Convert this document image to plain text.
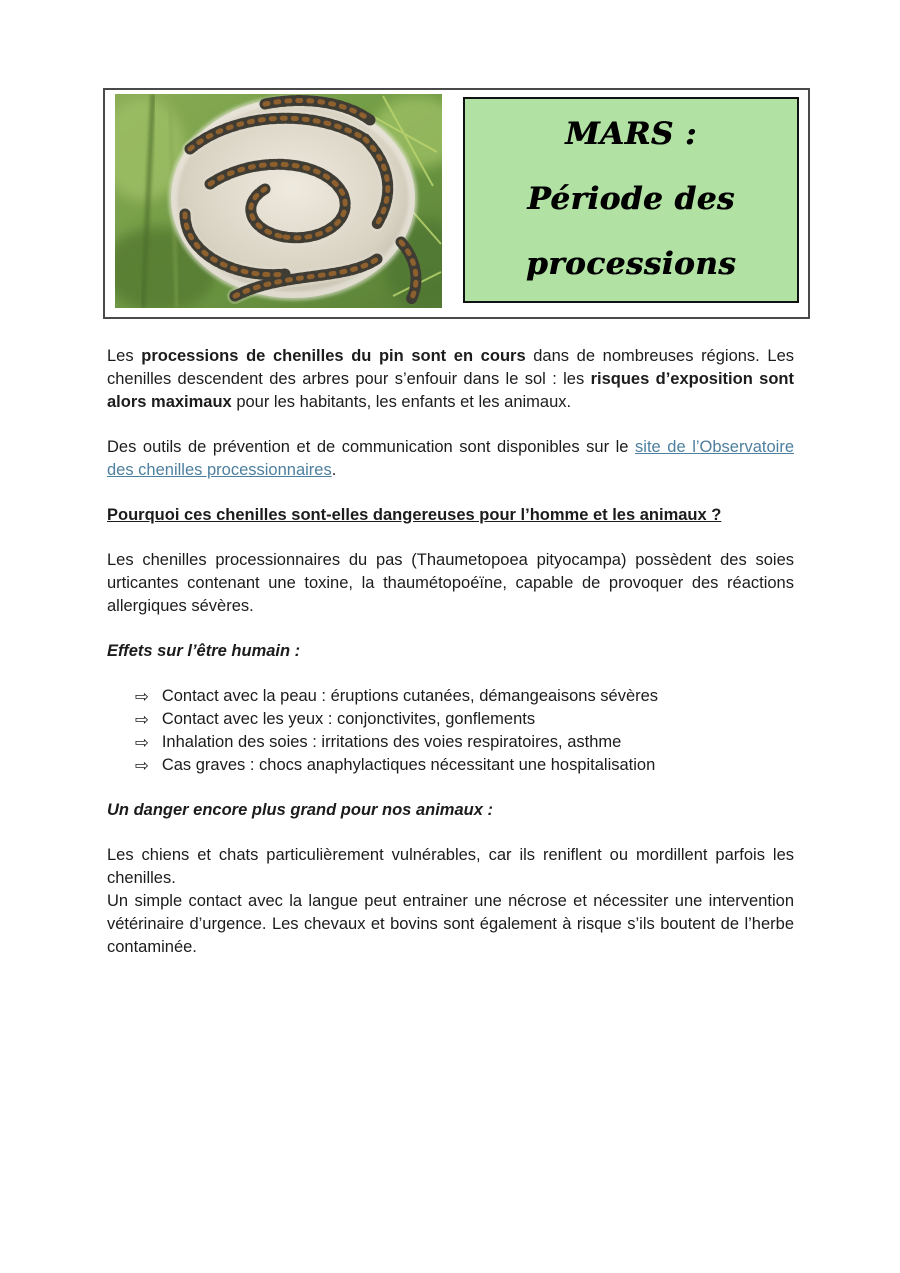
MARS :
Période des
processions

Les processions de chenilles du pin sont en cours dans de nombreuses régions. Les chenilles descendent des arbres pour s’enfouir dans le sol : les risques d’exposition sont alors maximaux pour les habitants, les enfants et les animaux.

Des outils de prévention et de communication sont disponibles sur le site de l’Observatoire des chenilles processionnaires.

Pourquoi ces chenilles sont-elles dangereuses pour l’homme et les animaux ?

Les chenilles processionnaires du pas (Thaumetopoea pityocampa) possèdent des soies urticantes contenant une toxine, la thaumétopoéïne, capable de provoquer des réactions allergiques sévères.

Effets sur l’être humain :
⇨ Contact avec la peau : éruptions cutanées, démangeaisons sévères
⇨ Contact avec les yeux : conjonctivites, gonflements
⇨ Inhalation des soies : irritations des voies respiratoires, asthme
⇨ Cas graves : chocs anaphylactiques nécessitant une hospitalisation
Un danger encore plus grand pour nos animaux :

Les chiens et chats particulièrement vulnérables, car ils reniflent ou mordillent parfois les chenilles.

Un simple contact avec la langue peut entrainer une nécrose et nécessiter une intervention vétérinaire d’urgence. Les chevaux et bovins sont également à risque s’ils boutent de l’herbe contaminée.
